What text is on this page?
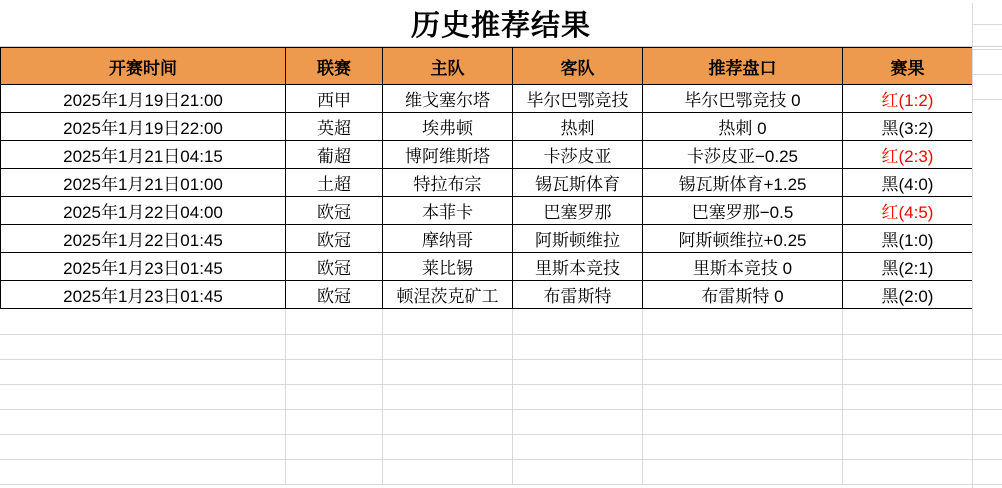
历史推荐结果
开赛时间	联赛	主队	客队	推荐盘口	赛果
2025年1月19日21:00	西甲	维戈塞尔塔	毕尔巴鄂竞技	毕尔巴鄂竞技 0	红(1:2)
2025年1月19日22:00	英超	埃弗顿	热刺	热刺 0	黑(3:2)
2025年1月21日04:15	葡超	博阿维斯塔	卡莎皮亚	卡莎皮亚−0.25	红(2:3)
2025年1月21日01:00	土超	特拉布宗	锡瓦斯体育	锡瓦斯体育+1.25	黑(4:0)
2025年1月22日04:00	欧冠	本菲卡	巴塞罗那	巴塞罗那−0.5	红(4:5)
2025年1月22日01:45	欧冠	摩纳哥	阿斯顿维拉	阿斯顿维拉+0.25	黑(1:0)
2025年1月23日01:45	欧冠	莱比锡	里斯本竞技	里斯本竞技 0	黑(2:1)
2025年1月23日01:45	欧冠	顿涅茨克矿工	布雷斯特	布雷斯特 0	黑(2:0)
